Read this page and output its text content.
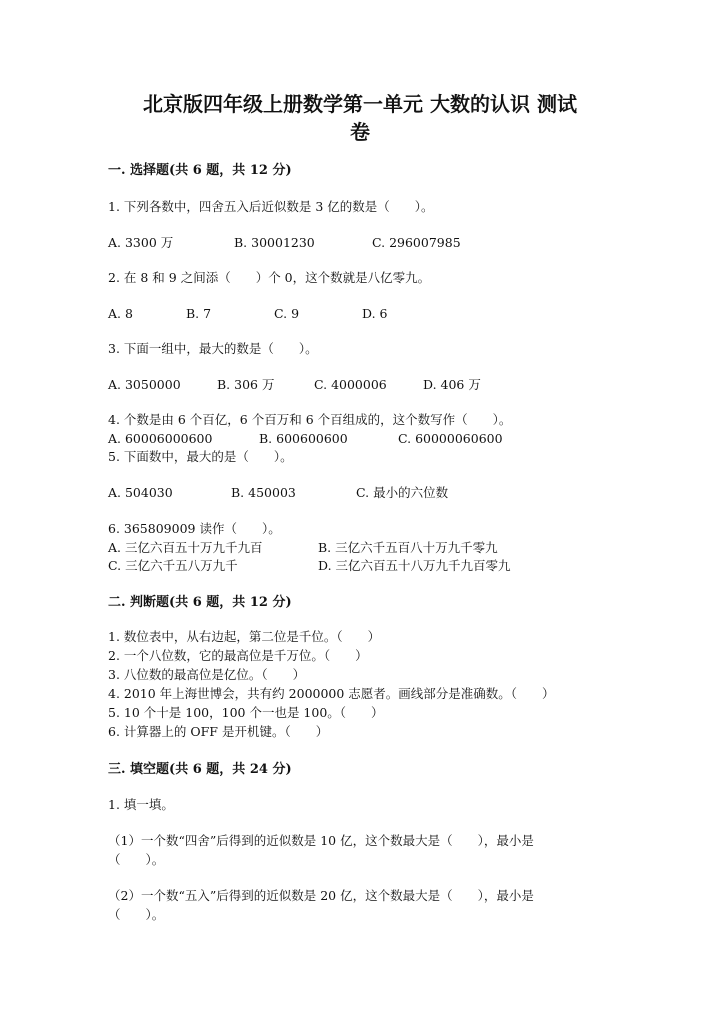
北京版四年级上册数学第一单元 大数的认识 测试
卷
一. 选择题(共 6 题，共 12 分)
1. 下列各数中，四舍五入后近似数是 3 亿的数是（　　）。
A. 3300 万	B. 30001230	C. 296007985
2. 在 8 和 9 之间添（　　）个 0，这个数就是八亿零九。
A. 8	B. 7	C. 9	D. 6
3. 下面一组中，最大的数是（　　）。
A. 3050000	B. 306 万	C. 4000006	D. 406 万
4. 个数是由 6 个百亿，6 个百万和 6 个百组成的，这个数写作（　　）。
A. 60006000600	B. 600600600	C. 60000060600
5. 下面数中，最大的是（　　）。
A. 504030	B. 450003	C. 最小的六位数
6. 365809009 读作（　　）。
A. 三亿六百五十万九千九百	B. 三亿六千五百八十万九千零九
C. 三亿六千五八万九千	D. 三亿六百五十八万九千九百零九
二. 判断题(共 6 题，共 12 分)
1. 数位表中，从右边起，第二位是千位。（　　）
2. 一个八位数，它的最高位是千万位。（　　）
3. 八位数的最高位是亿位。（　　）
4. 2010 年上海世博会，共有约 2000000 志愿者。画线部分是准确数。（　　）
5. 10 个十是 100，100 个一也是 100。（　　）
6. 计算器上的 OFF 是开机键。（　　）
三. 填空题(共 6 题，共 24 分)
1. 填一填。
（1）一个数“四舍”后得到的近似数是 10 亿，这个数最大是（　　），最小是
（　　）。
（2）一个数“五入”后得到的近似数是 20 亿，这个数最大是（　　），最小是
（　　）。
